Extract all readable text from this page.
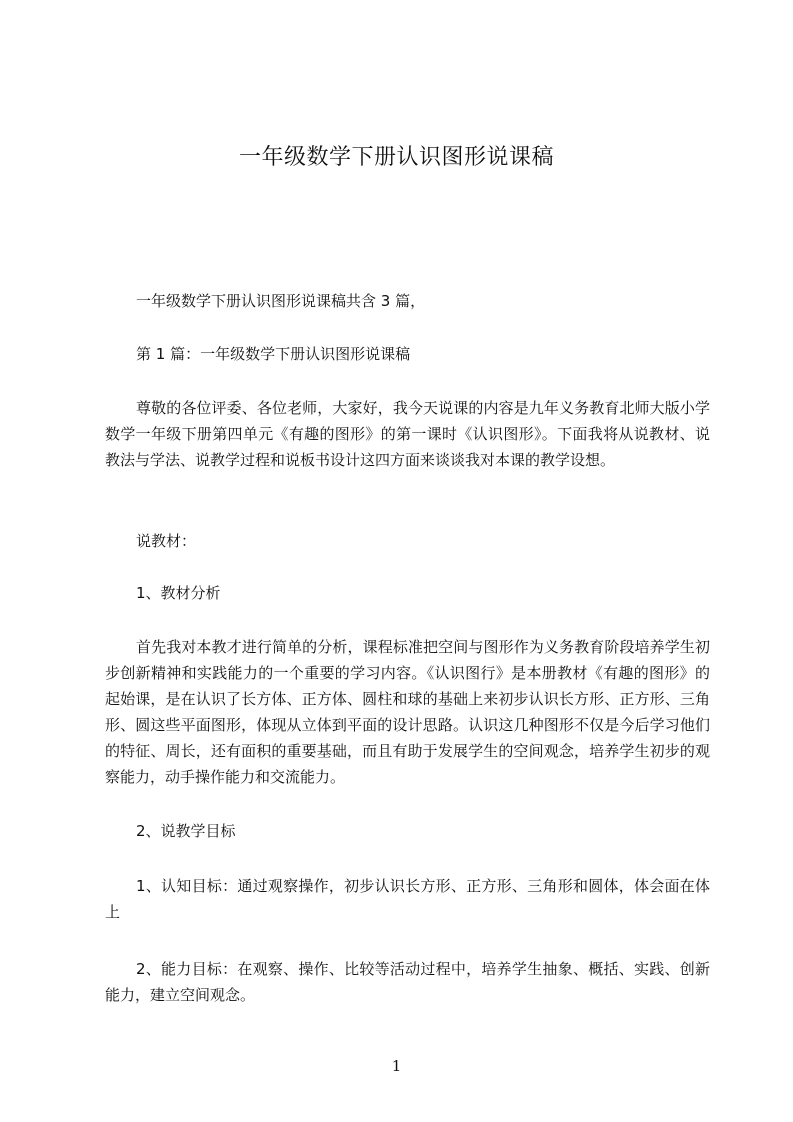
一年级数学下册认识图形说课稿

一年级数学下册认识图形说课稿共含 3 篇，

第 1 篇：一年级数学下册认识图形说课稿

尊敬的各位评委、各位老师，大家好，我今天说课的内容是九年义务教育北师大版小学数学一年级下册第四单元《有趣的图形》的第一课时《认识图形》。下面我将从说教材、说教法与学法、说教学过程和说板书设计这四方面来谈谈我对本课的教学设想。

说教材：

1、教材分析

首先我对本教才进行简单的分析，课程标准把空间与图形作为义务教育阶段培养学生初步创新精神和实践能力的一个重要的学习内容。《认识图行》是本册教材《有趣的图形》的起始课，是在认识了长方体、正方体、圆柱和球的基础上来初步认识长方形、正方形、三角形、圆这些平面图形，体现从立体到平面的设计思路。认识这几种图形不仅是今后学习他们的特征、周长，还有面积的重要基础，而且有助于发展学生的空间观念，培养学生初步的观察能力，动手操作能力和交流能力。

2、说教学目标

1、认知目标：通过观察操作，初步认识长方形、正方形、三角形和圆体，体会面在体上

2、能力目标：在观察、操作、比较等活动过程中，培养学生抽象、概括、实践、创新能力，建立空间观念。

1
